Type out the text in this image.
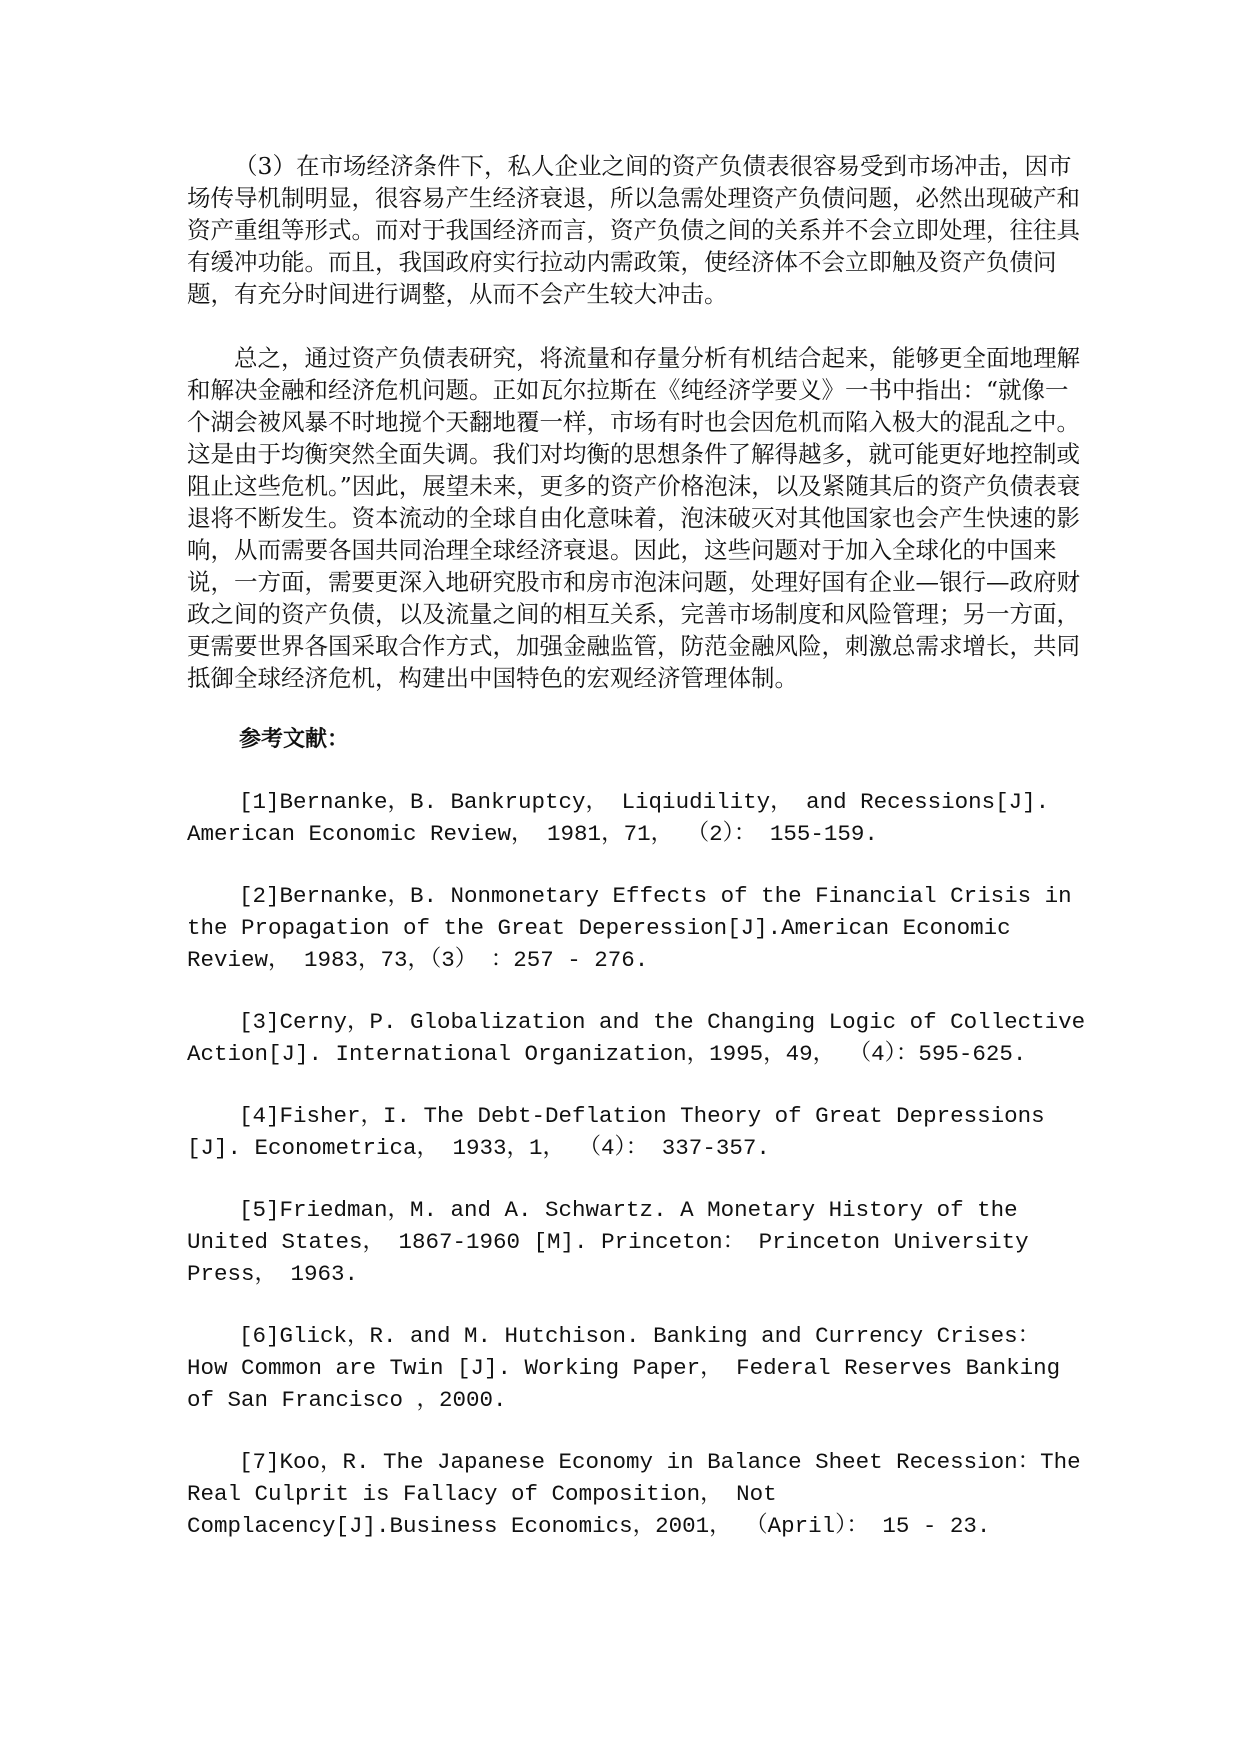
（3）在市场经济条件下，私人企业之间的资产负债表很容易受到市场冲击，因市场传导机制明显，很容易产生经济衰退，所以急需处理资产负债问题，必然出现破产和资产重组等形式。而对于我国经济而言，资产负债之间的关系并不会立即处理，往往具有缓冲功能。而且，我国政府实行拉动内需政策，使经济体不会立即触及资产负债问题，有充分时间进行调整，从而不会产生较大冲击。

总之，通过资产负债表研究，将流量和存量分析有机结合起来，能够更全面地理解和解决金融和经济危机问题。正如瓦尔拉斯在《纯经济学要义》一书中指出：“就像一个湖会被风暴不时地搅个天翻地覆一样，市场有时也会因危机而陷入极大的混乱之中。这是由于均衡突然全面失调。我们对均衡的思想条件了解得越多，就可能更好地控制或阻止这些危机。”因此，展望未来，更多的资产价格泡沫，以及紧随其后的资产负债表衰退将不断发生。资本流动的全球自由化意味着，泡沫破灭对其他国家也会产生快速的影响，从而需要各国共同治理全球经济衰退。因此，这些问题对于加入全球化的中国来说，一方面，需要更深入地研究股市和房市泡沫问题，处理好国有企业—银行—政府财政之间的资产负债，以及流量之间的相互关系，完善市场制度和风险管理；另一方面，更需要世界各国采取合作方式，加强金融监管，防范金融风险，刺激总需求增长，共同抵御全球经济危机，构建出中国特色的宏观经济管理体制。

参考文献：

[1]Bernanke，B. Bankruptcy， Liqiudility， and Recessions[J]. American Economic Review， 1981，71， （2）： 155-159.

[2]Bernanke，B. Nonmonetary Effects of the Financial Crisis in the Propagation of the Great Deperession[J].American Economic Review， 1983，73，（3） ：257 - 276.

[3]Cerny，P. Globalization and the Changing Logic of Collective Action[J]. International Organization，1995，49， （4）：595-625.

[4]Fisher，I. The Debt-Deflation Theory of Great Depressions [J]. Econometrica， 1933，1， （4）： 337-357.

[5]Friedman，M. and A. Schwartz. A Monetary History of the United States， 1867-1960 [M]. Princeton： Princeton University Press， 1963.

[6]Glick，R. and M. Hutchison. Banking and Currency Crises： How Common are Twin [J]. Working Paper， Federal Reserves Banking of San Francisco ，2000.

[7]Koo，R. The Japanese Economy in Balance Sheet Recession：The Real Culprit is Fallacy of Composition， Not Complacency[J].Business Economics，2001， （April）： 15 - 23.
